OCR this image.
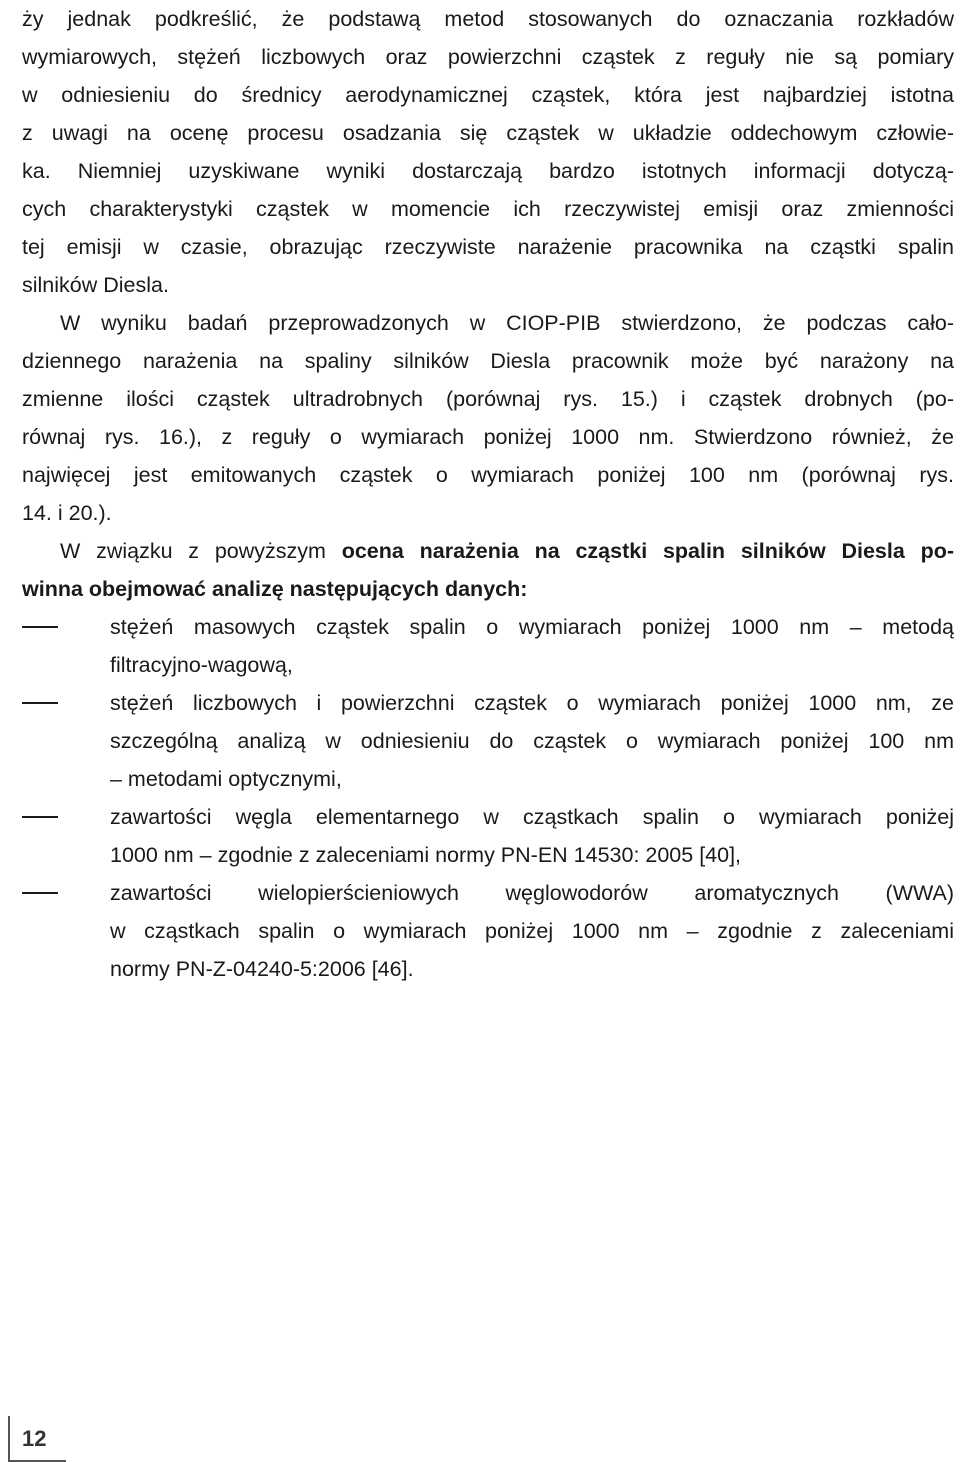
ży jednak podkreślić, że podstawą metod stosowanych do oznaczania rozkładów
wymiarowych, stężeń liczbowych oraz powierzchni cząstek z reguły nie są pomiary
w odniesieniu do średnicy aerodynamicznej cząstek, która jest najbardziej istotna
z uwagi na ocenę procesu osadzania się cząstek w układzie oddechowym człowie-
ka. Niemniej uzyskiwane wyniki dostarczają bardzo istotnych informacji dotyczą-
cych charakterystyki cząstek w momencie ich rzeczywistej emisji oraz zmienności
tej emisji w czasie, obrazując rzeczywiste narażenie pracownika na cząstki spalin
silników Diesla.

W wyniku badań przeprowadzonych w CIOP-PIB stwierdzono, że podczas cało-
dziennego narażenia na spaliny silników Diesla pracownik może być narażony na
zmienne ilości cząstek ultradrobnych (porównaj rys. 15.) i cząstek drobnych (po-
równaj rys. 16.), z reguły o wymiarach poniżej 1000 nm. Stwierdzono również, że
najwięcej jest emitowanych cząstek o wymiarach poniżej 100 nm (porównaj rys.
14. i 20.).

W związku z powyższym ocena narażenia na cząstki spalin silników Diesla po-
winna obejmować analizę następujących danych:

stężeń masowych cząstek spalin o wymiarach poniżej 1000 nm – metodą
filtracyjno-wagową,
stężeń liczbowych i powierzchni cząstek o wymiarach poniżej 1000 nm, ze
szczególną analizą w odniesieniu do cząstek o wymiarach poniżej 100 nm
– metodami optycznymi,
zawartości węgla elementarnego w cząstkach spalin o wymiarach poniżej
1000 nm – zgodnie z zaleceniami normy PN-EN 14530: 2005 [40],
zawartości wielopierścieniowych węglowodorów aromatycznych (WWA)
w cząstkach spalin o wymiarach poniżej 1000 nm – zgodnie z zaleceniami
normy PN-Z-04240-5:2006 [46].
12
